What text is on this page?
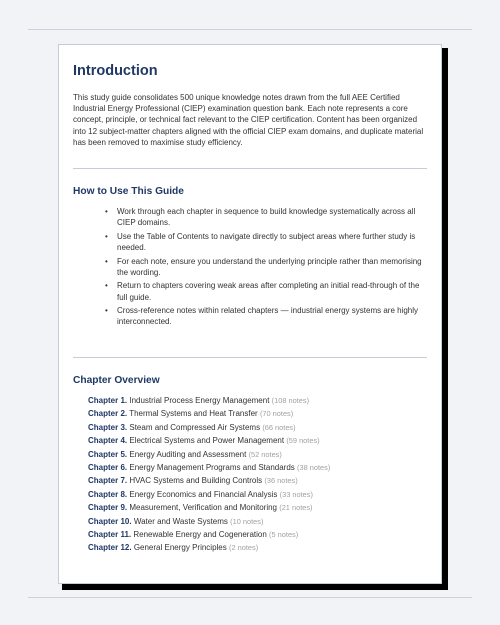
Introduction

This study guide consolidates 500 unique knowledge notes drawn from the full AEE Certified Industrial Energy Professional (CIEP) examination question bank. Each note represents a core concept, principle, or technical fact relevant to the CIEP certification. Content has been organized into 12 subject-matter chapters aligned with the official CIEP exam domains, and duplicate material has been removed to maximise study efficiency.

How to Use This Guide
• Work through each chapter in sequence to build knowledge systematically across all CIEP domains.
• Use the Table of Contents to navigate directly to subject areas where further study is needed.
• For each note, ensure you understand the underlying principle rather than memorising the wording.
• Return to chapters covering weak areas after completing an initial read-through of the full guide.
• Cross-reference notes within related chapters — industrial energy systems are highly interconnected.
Chapter Overview
Chapter 1. Industrial Process Energy Management (108 notes)
Chapter 2. Thermal Systems and Heat Transfer (70 notes)
Chapter 3. Steam and Compressed Air Systems (66 notes)
Chapter 4. Electrical Systems and Power Management (59 notes)
Chapter 5. Energy Auditing and Assessment (52 notes)
Chapter 6. Energy Management Programs and Standards (38 notes)
Chapter 7. HVAC Systems and Building Controls (36 notes)
Chapter 8. Energy Economics and Financial Analysis (33 notes)
Chapter 9. Measurement, Verification and Monitoring (21 notes)
Chapter 10. Water and Waste Systems (10 notes)
Chapter 11. Renewable Energy and Cogeneration (5 notes)
Chapter 12. General Energy Principles (2 notes)
